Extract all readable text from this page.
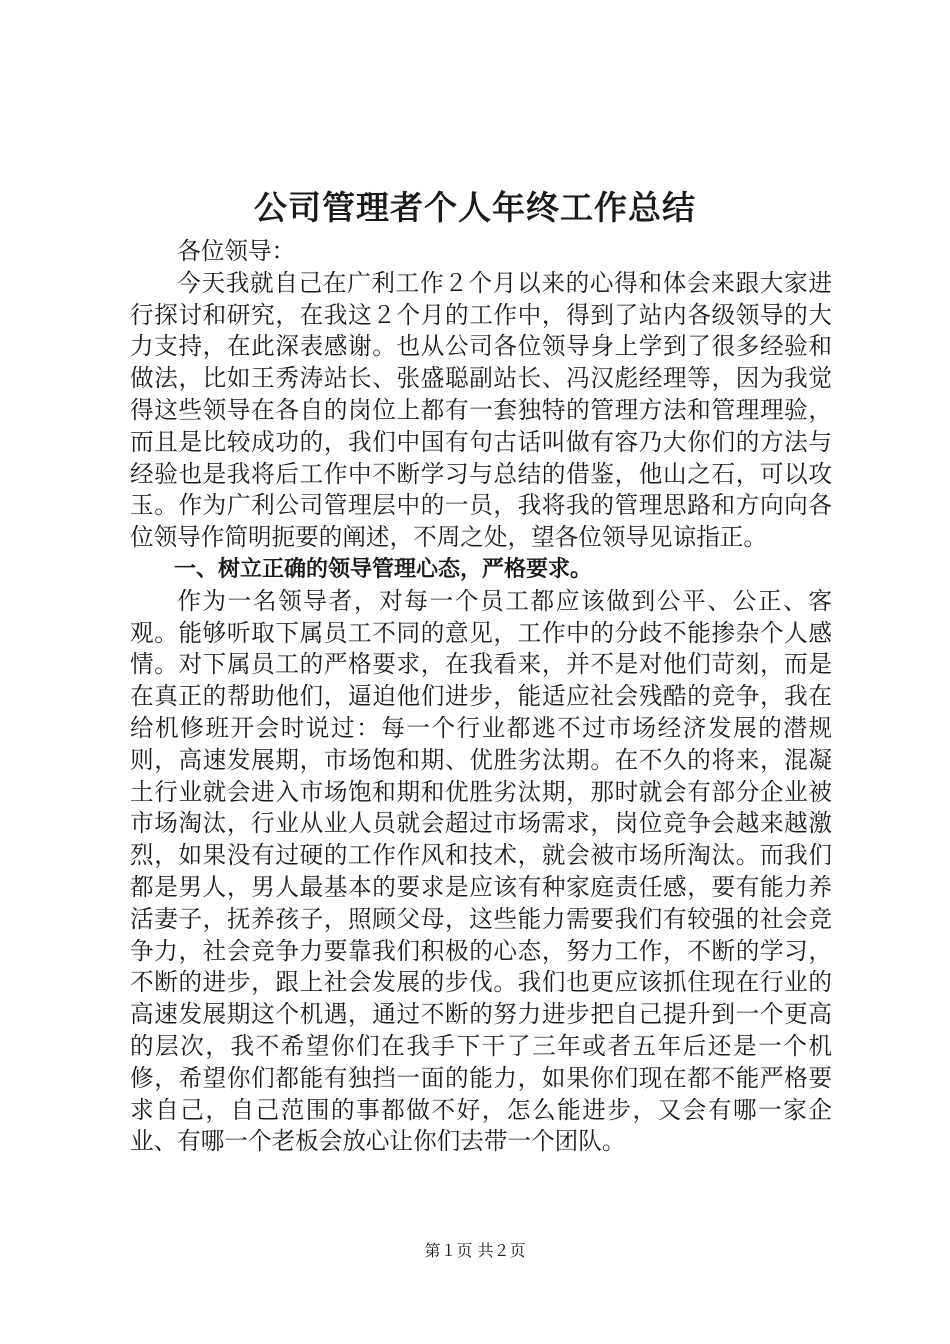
公司管理者个人年终工作总结

各位领导：

今天我就自己在广利工作２个月以来的心得和体会来跟大家进行探讨和研究，在我这２个月的工作中，得到了站内各级领导的大力支持，在此深表感谢。也从公司各位领导身上学到了很多经验和做法，比如王秀涛站长、张盛聪副站长、冯汉彪经理等，因为我觉得这些领导在各自的岗位上都有一套独特的管理方法和管理理验，而且是比较成功的，我们中国有句古话叫做有容乃大你们的方法与经验也是我将后工作中不断学习与总结的借鉴，他山之石，可以攻玉。作为广利公司管理层中的一员，我将我的管理思路和方向向各位领导作简明扼要的阐述，不周之处，望各位领导见谅指正。

一、树立正确的领导管理心态，严格要求。

作为一名领导者，对每一个员工都应该做到公平、公正、客观。能够听取下属员工不同的意见，工作中的分歧不能掺杂个人感情。对下属员工的严格要求，在我看来，并不是对他们苛刻，而是在真正的帮助他们，逼迫他们进步，能适应社会残酷的竞争，我在给机修班开会时说过：每一个行业都逃不过市场经济发展的潜规则，高速发展期，市场饱和期、优胜劣汰期。在不久的将来，混凝土行业就会进入市场饱和期和优胜劣汰期，那时就会有部分企业被市场淘汰，行业从业人员就会超过市场需求，岗位竞争会越来越激烈，如果没有过硬的工作作风和技术，就会被市场所淘汰。而我们都是男人，男人最基本的要求是应该有种家庭责任感，要有能力养活妻子，抚养孩子，照顾父母，这些能力需要我们有较强的社会竞争力，社会竞争力要靠我们积极的心态，努力工作，不断的学习，不断的进步，跟上社会发展的步伐。我们也更应该抓住现在行业的高速发展期这个机遇，通过不断的努力进步把自己提升到一个更高的层次，我不希望你们在我手下干了三年或者五年后还是一个机修，希望你们都能有独挡一面的能力，如果你们现在都不能严格要求自己，自己范围的事都做不好，怎么能进步，又会有哪一家企业、有哪一个老板会放心让你们去带一个团队。

第１页 共２页
